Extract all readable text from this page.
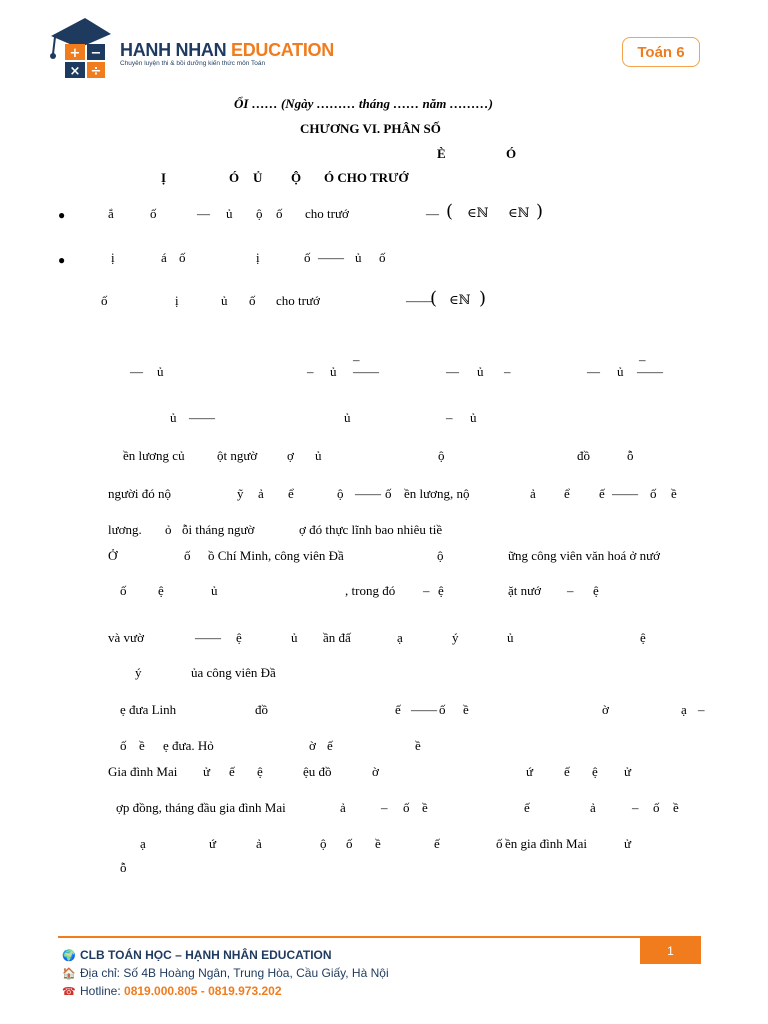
+ −
× ÷
HANH NHAN EDUCATION
Chuyên luyện thi & bồi dưỡng kiến thức môn Toán
Toán 6
ỔI …… (Ngày ……… tháng …… năm ………)
CHƯƠNG VI. PHÂN SỐ
È	Ó
Ị	Ó Ủ Ộ Ó CHO TRƯỚ
●	ắ	ố	— ủ ộ ố cho trướ	— ( ∈ℕ ∈ℕ )
●	ị	á ố	ị	ố —— ủ ố
ố	ị	ủ ố cho trướ	——
( ∈ℕ )
— ủ	– ủ ——
–
— ủ –	— ủ ——
–
ủ ——	ủ	– ủ
ền lương củ ột ngườ ợ ủ	ộ	đồ	ỗ
người đó nộ	ỹ ả ể	ộ —— ố ền lương, nộ	ả ể ế —— ố ề
lương. ỏ ỗi tháng ngườ	ợ đó thực lĩnh bao nhiêu tiề
Ở	ố ồ Chí Minh, công viên Đầ	ộ	ững công viên văn hoá ở nướ
ố ệ	ủ	, trong đó – ệ	ặt nướ – ệ
và vườ	—— ệ	ủ ần đấ	ạ	ý	ủ	ệ
ý	ủa công viên Đầ
ẹ đưa Linh	đồ	ế —— ố ề	ờ	ạ –
ố ề ẹ đưa. Hỏ	ờ ế	ề
Gia đình Mai ử ế ệ	ệu đồ	ờ	ứ ế ệ ử
ợp đồng, tháng đầu gia đình Mai	ả	– ố ề	ế	ả	– ố ề
ạ	ứ	ả	ộ ố ề	ế	ố ền gia đình Mai	ử
ỗ
1
🌍 CLB TOÁN HỌC – HẠNH NHÂN EDUCATION
🏠 Địa chỉ: Số 4B Hoàng Ngân, Trung Hòa, Cầu Giấy, Hà Nội
☎ Hotline: 0819.000.805 - 0819.973.202
